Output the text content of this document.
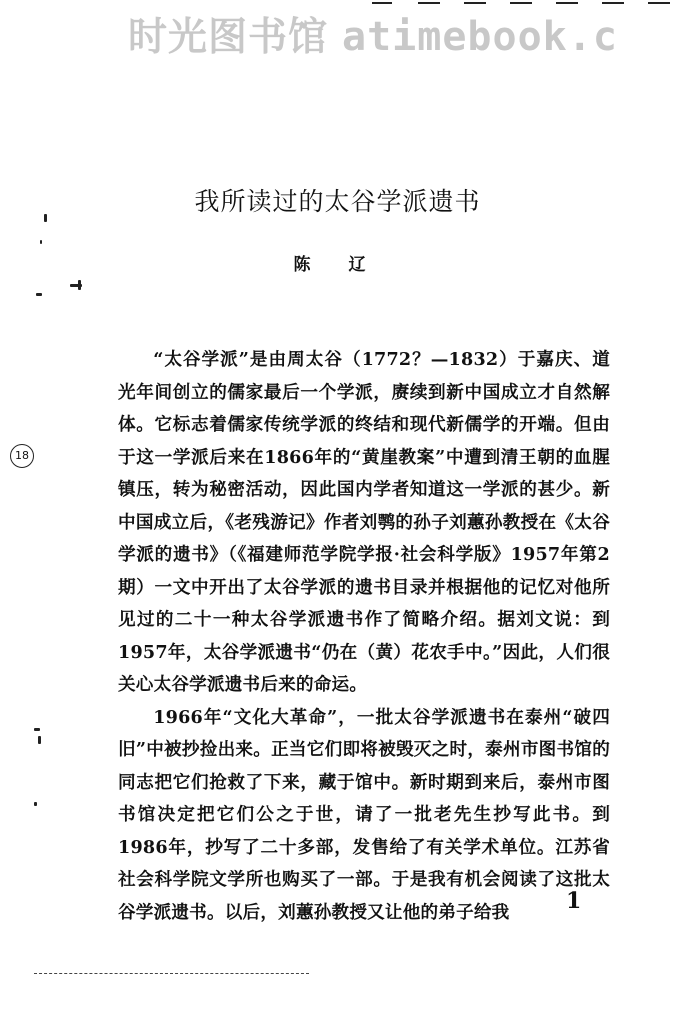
时光图书馆 atimebook.c
我所读过的太谷学派遗书
陈 辽

“太谷学派”是由周太谷（1772？—1832）于嘉庆、道光年间创立的儒家最后一个学派，赓续到新中国成立才自然解体。它标志着儒家传统学派的终结和现代新儒学的开端。但由于这一学派后来在1866年的“黄崖教案”中遭到清王朝的血腥镇压，转为秘密活动，因此国内学者知道这一学派的甚少。新中国成立后，《老残游记》作者刘鹗的孙子刘蕙孙教授在《太谷学派的遗书》（《福建师范学院学报·社会科学版》1957年第2期）一文中开出了太谷学派的遗书目录并根据他的记忆对他所见过的二十一种太谷学派遗书作了简略介绍。据刘文说：到1957年，太谷学派遗书“仍在（黄）花农手中。”因此，人们很关心太谷学派遗书后来的命运。

1966年“文化大革命”，一批太谷学派遗书在泰州“破四旧”中被抄捡出来。正当它们即将被毁灭之时，泰州市图书馆的同志把它们抢救了下来，藏于馆中。新时期到来后，泰州市图书馆决定把它们公之于世，请了一批老先生抄写此书。到1986年，抄写了二十多部，发售给了有关学术单位。江苏省社会科学院文学所也购买了一部。于是我有机会阅读了这批太谷学派遗书。以后，刘蕙孙教授又让他的弟子给我

18
1
